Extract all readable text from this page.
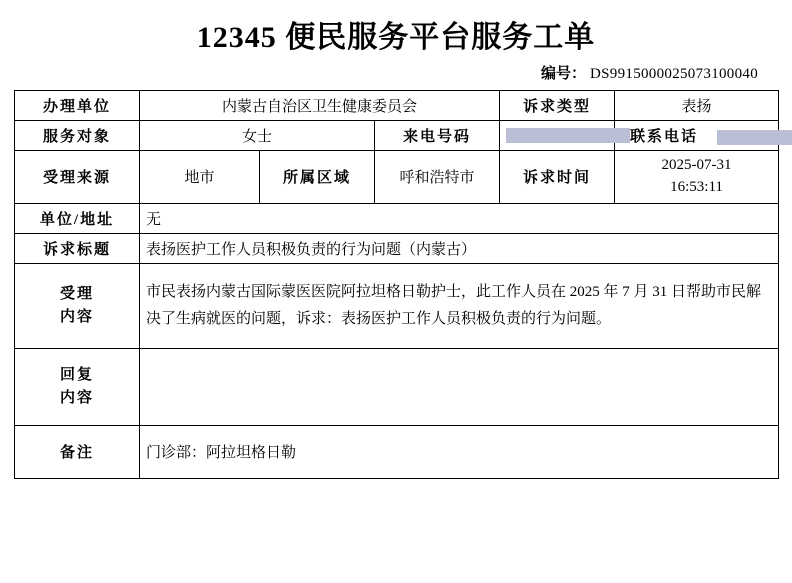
12345 便民服务平台服务工单
编号： DS9915000025073100040
办理单位	内蒙古自治区卫生健康委员会			诉求类型	表扬
服务对象	女士		来电号码		联系电话
受理来源	地市	所属区域	呼和浩特市	诉求时间	2025-07-31
16:53:11

单位/地址	无				
诉求标题	表扬医护工作人员积极负责的行为问题（内蒙古）				

受理
内容	市民表扬内蒙古国际蒙医医院阿拉坦格日勒护士，此工作人员在 2025 年 7 月 31 日帮助市民解决了生病就医的问题，诉求：表扬医护工作人员积极负责的行为问题。				

回复
内容					

备注	门诊部：阿拉坦格日勒				
